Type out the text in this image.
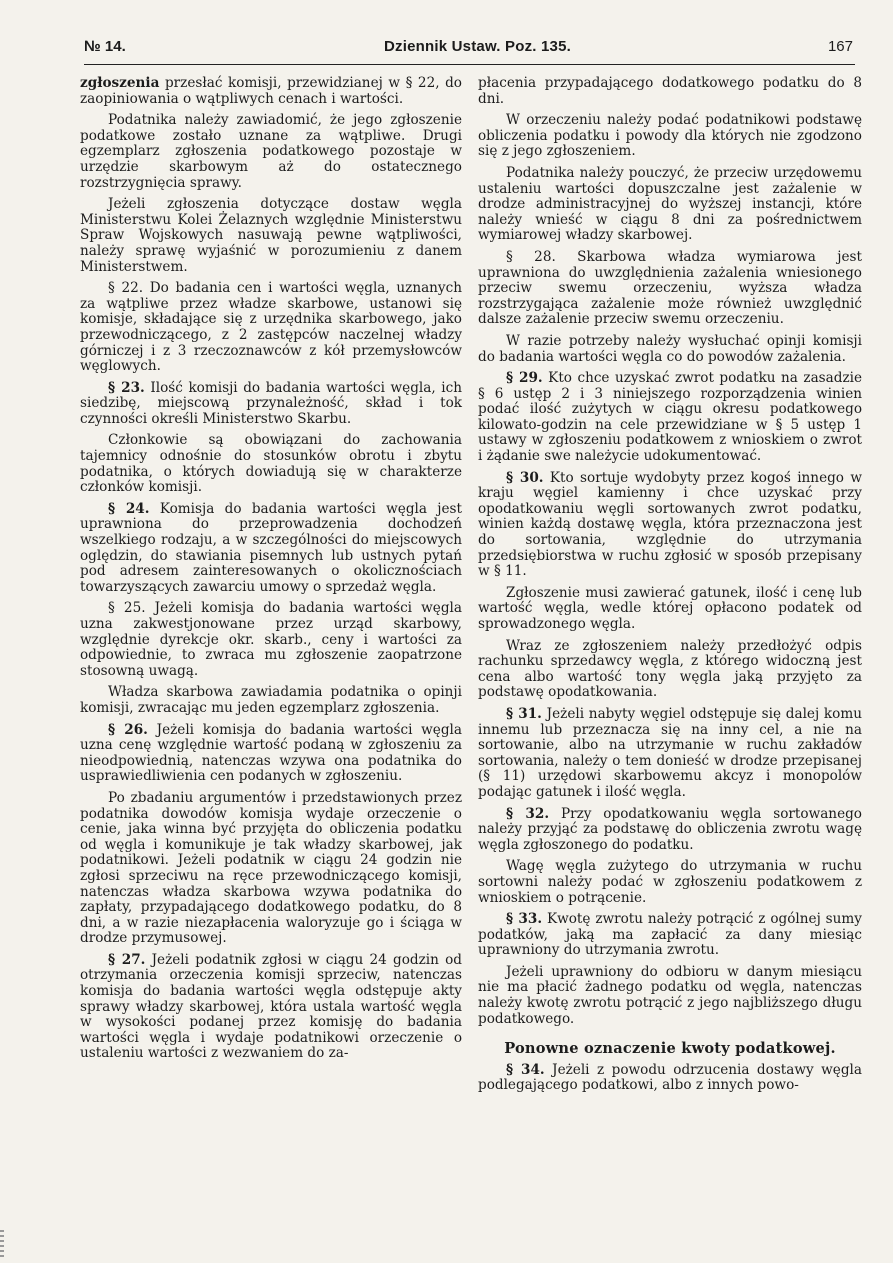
№ 14.	Dziennik Ustaw. Poz. 135.	167

zgłoszenia przesłać komisji, przewidzianej w § 22, do zaopiniowania o wątpliwych cenach i wartości.

Podatnika należy zawiadomić, że jego zgłoszenie podatkowe zostało uznane za wątpliwe. Drugi egzemplarz zgłoszenia podatkowego pozostaje w urzędzie skarbowym aż do ostatecznego rozstrzygnięcia sprawy.

Jeżeli zgłoszenia dotyczące dostaw węgla Ministerstwu Kolei Żelaznych względnie Ministerstwu Spraw Wojskowych nasuwają pewne wątpliwości, należy sprawę wyjaśnić w porozumieniu z danem Ministerstwem.

§ 22. Do badania cen i wartości węgla, uznanych za wątpliwe przez władze skarbowe, ustanowi się komisje, składające się z urzędnika skarbowego, jako przewodniczącego, z 2 zastępców naczelnej władzy górniczej i z 3 rzeczoznawców z kół przemysłowców węglowych.

§ 23. Ilość komisji do badania wartości węgla, ich siedzibę, miejscową przynależność, skład i tok czynności określi Ministerstwo Skarbu.

Członkowie są obowiązani do zachowania tajemnicy odnośnie do stosunków obrotu i zbytu podatnika, o których dowiadują się w charakterze członków komisji.

§ 24. Komisja do badania wartości węgla jest uprawniona do przeprowadzenia dochodzeń wszelkiego rodzaju, a w szczególności do miejscowych oględzin, do stawiania pisemnych lub ustnych pytań pod adresem zainteresowanych o okolicznościach towarzyszących zawarciu umowy o sprzedaż węgla.

§ 25. Jeżeli komisja do badania wartości węgla uzna zakwestjonowane przez urząd skarbowy, względnie dyrekcje okr. skarb., ceny i wartości za odpowiednie, to zwraca mu zgłoszenie zaopatrzone stosowną uwagą.

Władza skarbowa zawiadamia podatnika o opinji komisji, zwracając mu jeden egzemplarz zgłoszenia.

§ 26. Jeżeli komisja do badania wartości węgla uzna cenę względnie wartość podaną w zgłoszeniu za nieodpowiednią, natenczas wzywa ona podatnika do usprawiedliwienia cen podanych w zgłoszeniu.

Po zbadaniu argumentów i przedstawionych przez podatnika dowodów komisja wydaje orzeczenie o cenie, jaka winna być przyjęta do obliczenia podatku od węgla i komunikuje je tak władzy skarbowej, jak podatnikowi. Jeżeli podatnik w ciągu 24 godzin nie zgłosi sprzeciwu na ręce przewodniczącego komisji, natenczas władza skarbowa wzywa podatnika do zapłaty, przypadającego dodatkowego podatku, do 8 dni, a w razie niezapłacenia waloryzuje go i ściąga w drodze przymusowej.

§ 27. Jeżeli podatnik zgłosi w ciągu 24 godzin od otrzymania orzeczenia komisji sprzeciw, natenczas komisja do badania wartości węgla odstępuje akty sprawy władzy skarbowej, która ustala wartość węgla w wysokości podanej przez komisję do badania wartości węgla i wydaje podatnikowi orzeczenie o ustaleniu wartości z wezwaniem do za-

płacenia przypadającego dodatkowego podatku do 8 dni.

W orzeczeniu należy podać podatnikowi podstawę obliczenia podatku i powody dla których nie zgodzono się z jego zgłoszeniem.

Podatnika należy pouczyć, że przeciw urzędowemu ustaleniu wartości dopuszczalne jest zażalenie w drodze administracyjnej do wyższej instancji, które należy wnieść w ciągu 8 dni za pośrednictwem wymiarowej władzy skarbowej.

§ 28. Skarbowa władza wymiarowa jest uprawniona do uwzględnienia zażalenia wniesionego przeciw swemu orzeczeniu, wyższa władza rozstrzygająca zażalenie może również uwzględnić dalsze zażalenie przeciw swemu orzeczeniu.

W razie potrzeby należy wysłuchać opinji komisji do badania wartości węgla co do powodów zażalenia.

§ 29. Kto chce uzyskać zwrot podatku na zasadzie § 6 ustęp 2 i 3 niniejszego rozporządzenia winien podać ilość zużytych w ciągu okresu podatkowego kilowato-godzin na cele przewidziane w § 5 ustęp 1 ustawy w zgłoszeniu podatkowem z wnioskiem o zwrot i żądanie swe należycie udokumentować.

§ 30. Kto sortuje wydobyty przez kogoś innego w kraju węgiel kamienny i chce uzyskać przy opodatkowaniu węgli sortowanych zwrot podatku, winien każdą dostawę węgla, która przeznaczona jest do sortowania, względnie do utrzymania przedsiębiorstwa w ruchu zgłosić w sposób przepisany w § 11.

Zgłoszenie musi zawierać gatunek, ilość i cenę lub wartość węgla, wedle której opłacono podatek od sprowadzonego węgla.

Wraz ze zgłoszeniem należy przedłożyć odpis rachunku sprzedawcy węgla, z którego widoczną jest cena albo wartość tony węgla jaką przyjęto za podstawę opodatkowania.

§ 31. Jeżeli nabyty węgiel odstępuje się dalej komu innemu lub przeznacza się na inny cel, a nie na sortowanie, albo na utrzymanie w ruchu zakładów sortowania, należy o tem donieść w drodze przepisanej (§ 11) urzędowi skarbowemu akcyz i monopolów podając gatunek i ilość węgla.

§ 32. Przy opodatkowaniu węgla sortowanego należy przyjąć za podstawę do obliczenia zwrotu wagę węgla zgłoszonego do podatku.

Wagę węgla zużytego do utrzymania w ruchu sortowni należy podać w zgłoszeniu podatkowem z wnioskiem o potrącenie.

§ 33. Kwotę zwrotu należy potrącić z ogólnej sumy podatków, jaką ma zapłacić za dany miesiąc uprawniony do utrzymania zwrotu.

Jeżeli uprawniony do odbioru w danym miesiącu nie ma płacić żadnego podatku od węgla, natenczas należy kwotę zwrotu potrącić z jego najbliższego długu podatkowego.

Ponowne oznaczenie kwoty podatkowej.

§ 34. Jeżeli z powodu odrzucenia dostawy węgla podlegającego podatkowi, albo z innych powo-
